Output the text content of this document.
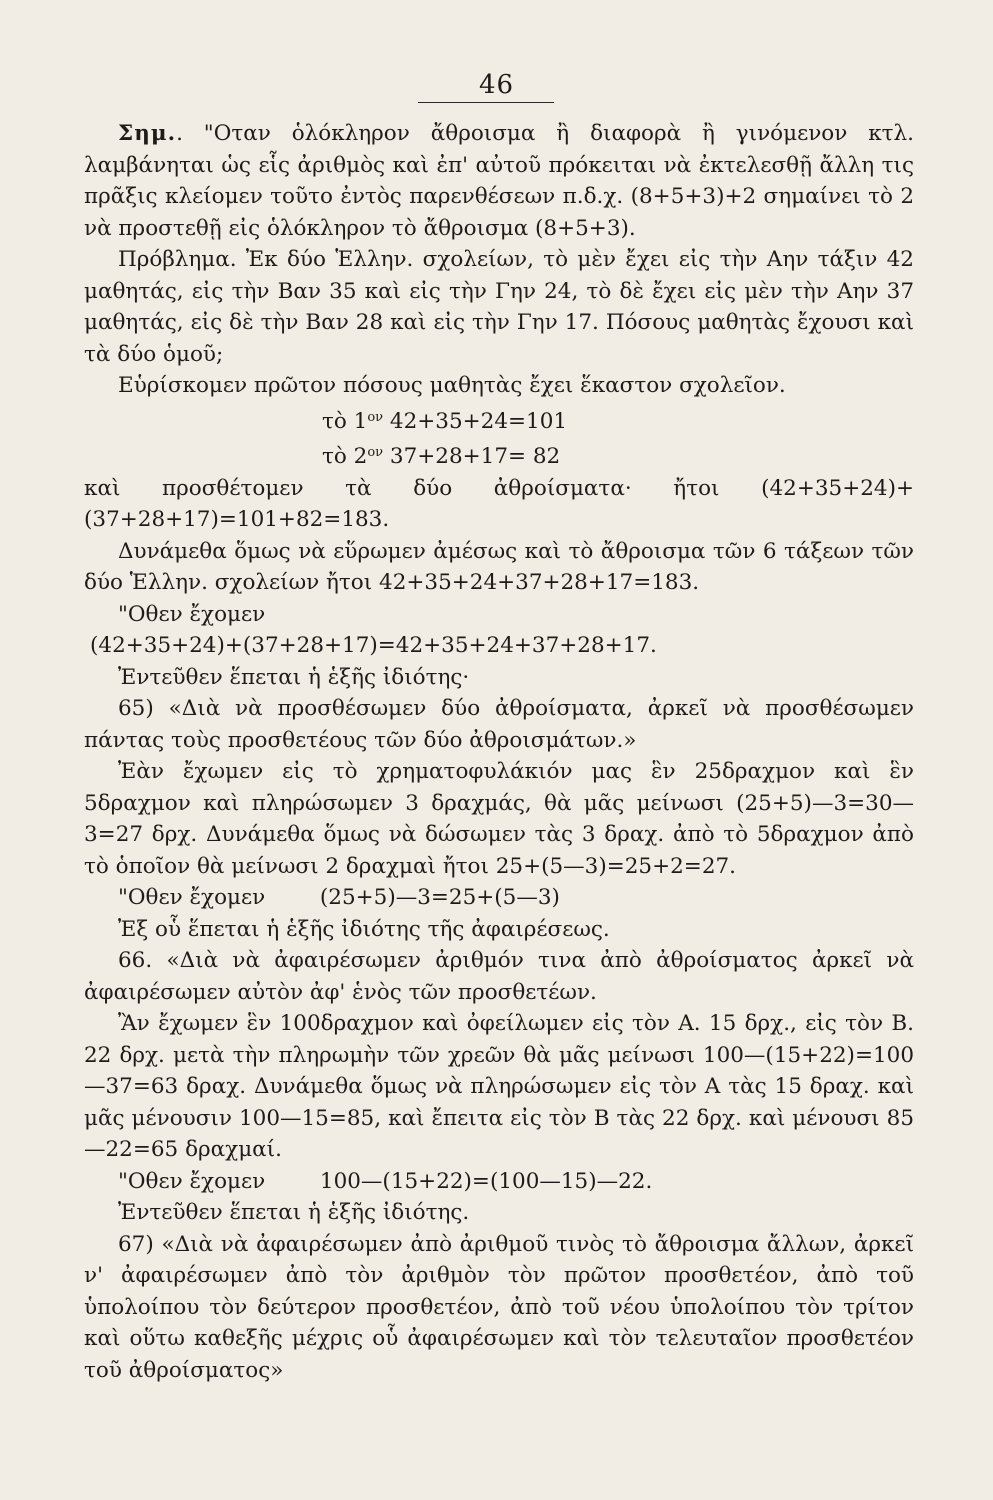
46

Σημ.. "Οταν ὁλόκληρον ἄθροισμα ἢ διαφορὰ ἢ γινόμενον κτλ. λαμβάνηται ὡς εἷς ἀριθμὸς καὶ ἐπ' αὐτοῦ πρόκειται νὰ ἐκτελεσθῇ ἄλλη τις πρᾶξις κλείομεν τοῦτο ἐντὸς παρενθέσεων π.δ.χ. (8+5+3)+2 σημαίνει τὸ 2 νὰ προστεθῇ εἰς ὁλόκληρον τὸ ἄθροισμα (8+5+3).

Πρόβλημα. Ἐκ δύο Ἑλλην. σχολείων, τὸ μὲν ἔχει εἰς τὴν Αην τάξιν 42 μαθητάς, εἰς τὴν Βαν 35 καὶ εἰς τὴν Γην 24, τὸ δὲ ἔχει εἰς μὲν τὴν Αην 37 μαθητάς, εἰς δὲ τὴν Βαν 28 καὶ εἰς τὴν Γην 17. Πόσους μαθητὰς ἔχουσι καὶ τὰ δύο ὁμοῦ;

Εὑρίσκομεν πρῶτον πόσους μαθητὰς ἔχει ἕκαστον σχολεῖον.

τὸ $1^{o\nu}$ 42+35+24=101

τὸ $2^{o\nu}$ 37+28+17= 82

καὶ προσθέτομεν τὰ δύο ἀθροίσματα· ἤτοι (42+35+24)+(37+28+17)=101+82=183.

Δυνάμεθα ὅμως νὰ εὕρωμεν ἀμέσως καὶ τὸ ἄθροισμα τῶν 6 τάξεων τῶν δύο Ἑλλην. σχολείων ἤτοι 42+35+24+37+28+17=183.

"Οθεν ἔχομεν

(42+35+24)+(37+28+17)=42+35+24+37+28+17.

Ἐντεῦθεν ἕπεται ἡ ἑξῆς ἰδιότης·

65) «Διὰ νὰ προσθέσωμεν δύο ἀθροίσματα, ἀρκεῖ νὰ προσθέσωμεν πάντας τοὺς προσθετέους τῶν δύο ἀθροισμάτων.»

Ἐὰν ἔχωμεν εἰς τὸ χρηματοφυλάκιόν μας ἓν 25δραχμον καὶ ἓν 5δραχμον καὶ πληρώσωμεν 3 δραχμάς, θὰ μᾶς μείνωσι (25+5)—3=30—3=27 δρχ. Δυνάμεθα ὅμως νὰ δώσωμεν τὰς 3 δραχ. ἀπὸ τὸ 5δραχμον ἀπὸ τὸ ὁποῖον θὰ μείνωσι 2 δραχμαὶ ἤτοι 25+(5—3)=25+2=27.

"Οθεν ἔχομεν	(25+5)—3=25+(5—3)

Ἐξ οὗ ἕπεται ἡ ἑξῆς ἰδιότης τῆς ἀφαιρέσεως.

66. «Διὰ νὰ ἀφαιρέσωμεν ἀριθμόν τινα ἀπὸ ἀθροίσματος ἀρκεῖ νὰ ἀφαιρέσωμεν αὐτὸν ἀφ' ἑνὸς τῶν προσθετέων.

Ἂν ἔχωμεν ἓν 100δραχμον καὶ ὀφείλωμεν εἰς τὸν Α. 15 δρχ., εἰς τὸν Β. 22 δρχ. μετὰ τὴν πληρωμὴν τῶν χρεῶν θὰ μᾶς μείνωσι 100—(15+22)=100—37=63 δραχ. Δυνάμεθα ὅμως νὰ πληρώσωμεν εἰς τὸν Α τὰς 15 δραχ. καὶ μᾶς μένουσιν 100—15=85, καὶ ἔπειτα εἰς τὸν Β τὰς 22 δρχ. καὶ μένουσι 85—22=65 δραχμαί.

"Οθεν ἔχομεν	100—(15+22)=(100—15)—22.

Ἐντεῦθεν ἕπεται ἡ ἑξῆς ἰδιότης.

67) «Διὰ νὰ ἀφαιρέσωμεν ἀπὸ ἀριθμοῦ τινὸς τὸ ἄθροισμα ἄλλων, ἀρκεῖ ν' ἀφαιρέσωμεν ἀπὸ τὸν ἀριθμὸν τὸν πρῶτον προσθετέον, ἀπὸ τοῦ ὑπολοίπου τὸν δεύτερον προσθετέον, ἀπὸ τοῦ νέου ὑπολοίπου τὸν τρίτον καὶ οὕτω καθεξῆς μέχρις οὗ ἀφαιρέσωμεν καὶ τὸν τελευταῖον προσθετέον τοῦ ἀθροίσματος»
